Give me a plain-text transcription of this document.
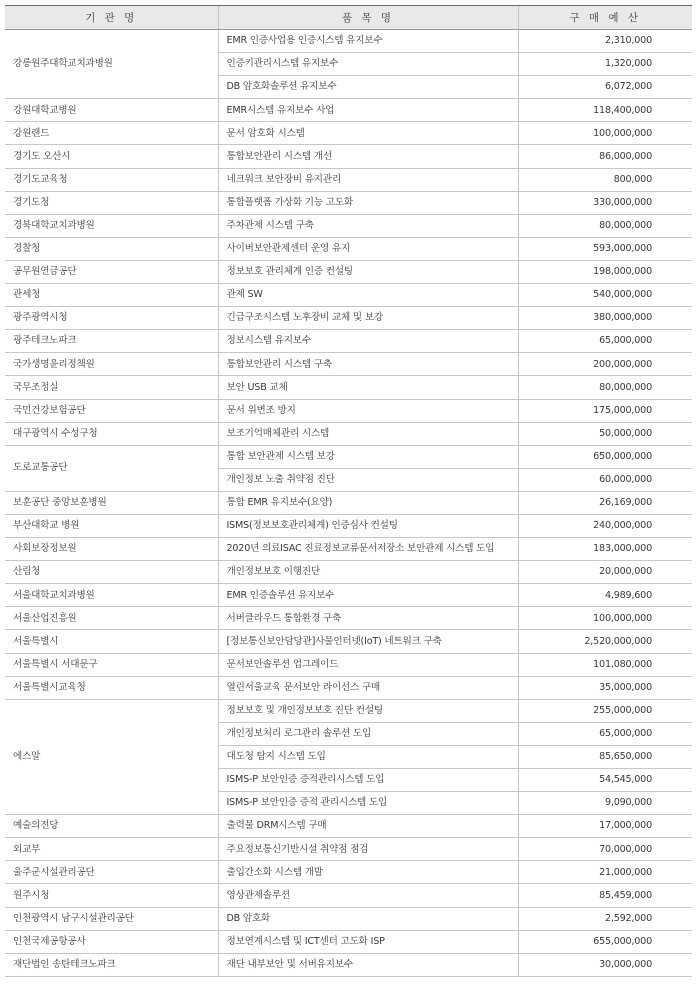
기 관 명	품 목 명	구 매 예 산
강릉원주대학교치과병원	EMR 인증사업용 인증시스템 유지보수	2,310,000
	인증키관리시스템 유지보수	1,320,000
	DB 암호화솔루션 유지보수	6,072,000
강원대학교병원	EMR시스템 유지보수 사업	118,400,000
강원랜드	문서 암호화 시스템	100,000,000
경기도 오산시	통합보안관리 시스템 개선	86,000,000
경기도교육청	네크워크 보안장비 유지관리	800,000
경기도청	통합플랫폼 가상화 기능 고도화	330,000,000
경북대학교치과병원	주차관제 시스템 구축	80,000,000
경찰청	사이버보안관제센터 운영 유지	593,000,000
공무원연금공단	정보보호 관리체계 인증 컨설팅	198,000,000
관세청	관제 SW	540,000,000
광주광역시청	긴급구조시스템 노후장비 교체 및 보강	380,000,000
광주테크노파크	정보시스템 유지보수	65,000,000
국가생명윤리정책원	통합보안관리 시스템 구축	200,000,000
국무조정실	보안 USB 교체	80,000,000
국민건강보험공단	문서 위변조 방지	175,000,000
대구광역시 수성구청	보조기억매체관리 시스템	50,000,000
도로교통공단	통합 보안관제 시스템 보강	650,000,000
	개인정보 노출 취약점 진단	60,000,000
보훈공단 중앙보훈병원	통합 EMR 유지보수(요양)	26,169,000
부산대학교 병원	ISMS(정보보호관리체계) 인증심사 컨설팅	240,000,000
사회보장정보원	2020년 의료ISAC 진료정보교류문서저장소 보안관제 시스템 도입	183,000,000
산림청	개인정보보호 이행진단	20,000,000
서울대학교치과병원	EMR 인증솔루션 유지보수	4,989,600
서울산업진흥원	서버클라우드 통합환경 구축	100,000,000
서울특별시	[정보통신보안담당관]사물인터넷(IoT) 네트워크 구축	2,520,000,000
서울특별시 서대문구	문서보안솔루션 업그레이드	101,080,000
서울특별시교육청	열린서울교육 문서보안 라이선스 구매	35,000,000
에스알	정보보호 및 개인정보보호 진단 컨설팅	255,000,000
	개인정보처리 로그관리 솔루션 도입	65,000,000
	대도청 탐지 시스템 도입	85,650,000
	ISMS-P 보안인증 증적관리시스템 도입	54,545,000
	ISMS-P 보안인증 증적 관리시스템 도입	9,090,000
예술의전당	출력물 DRM시스템 구매	17,000,000
외교부	주요정보통신기반시설 취약점 점검	70,000,000
울주군시설관리공단	출입간소화 시스템 개발	21,000,000
원주시청	영상관제솔루션	85,459,000
인천광역시 남구시설관리공단	DB 암호화	2,592,000
인천국제공항공사	정보연계시스템 및 ICT센터 고도화 ISP	655,000,000
재단법인 송탄테크노파크	재단 내부보안 및 서버유지보수	30,000,000
